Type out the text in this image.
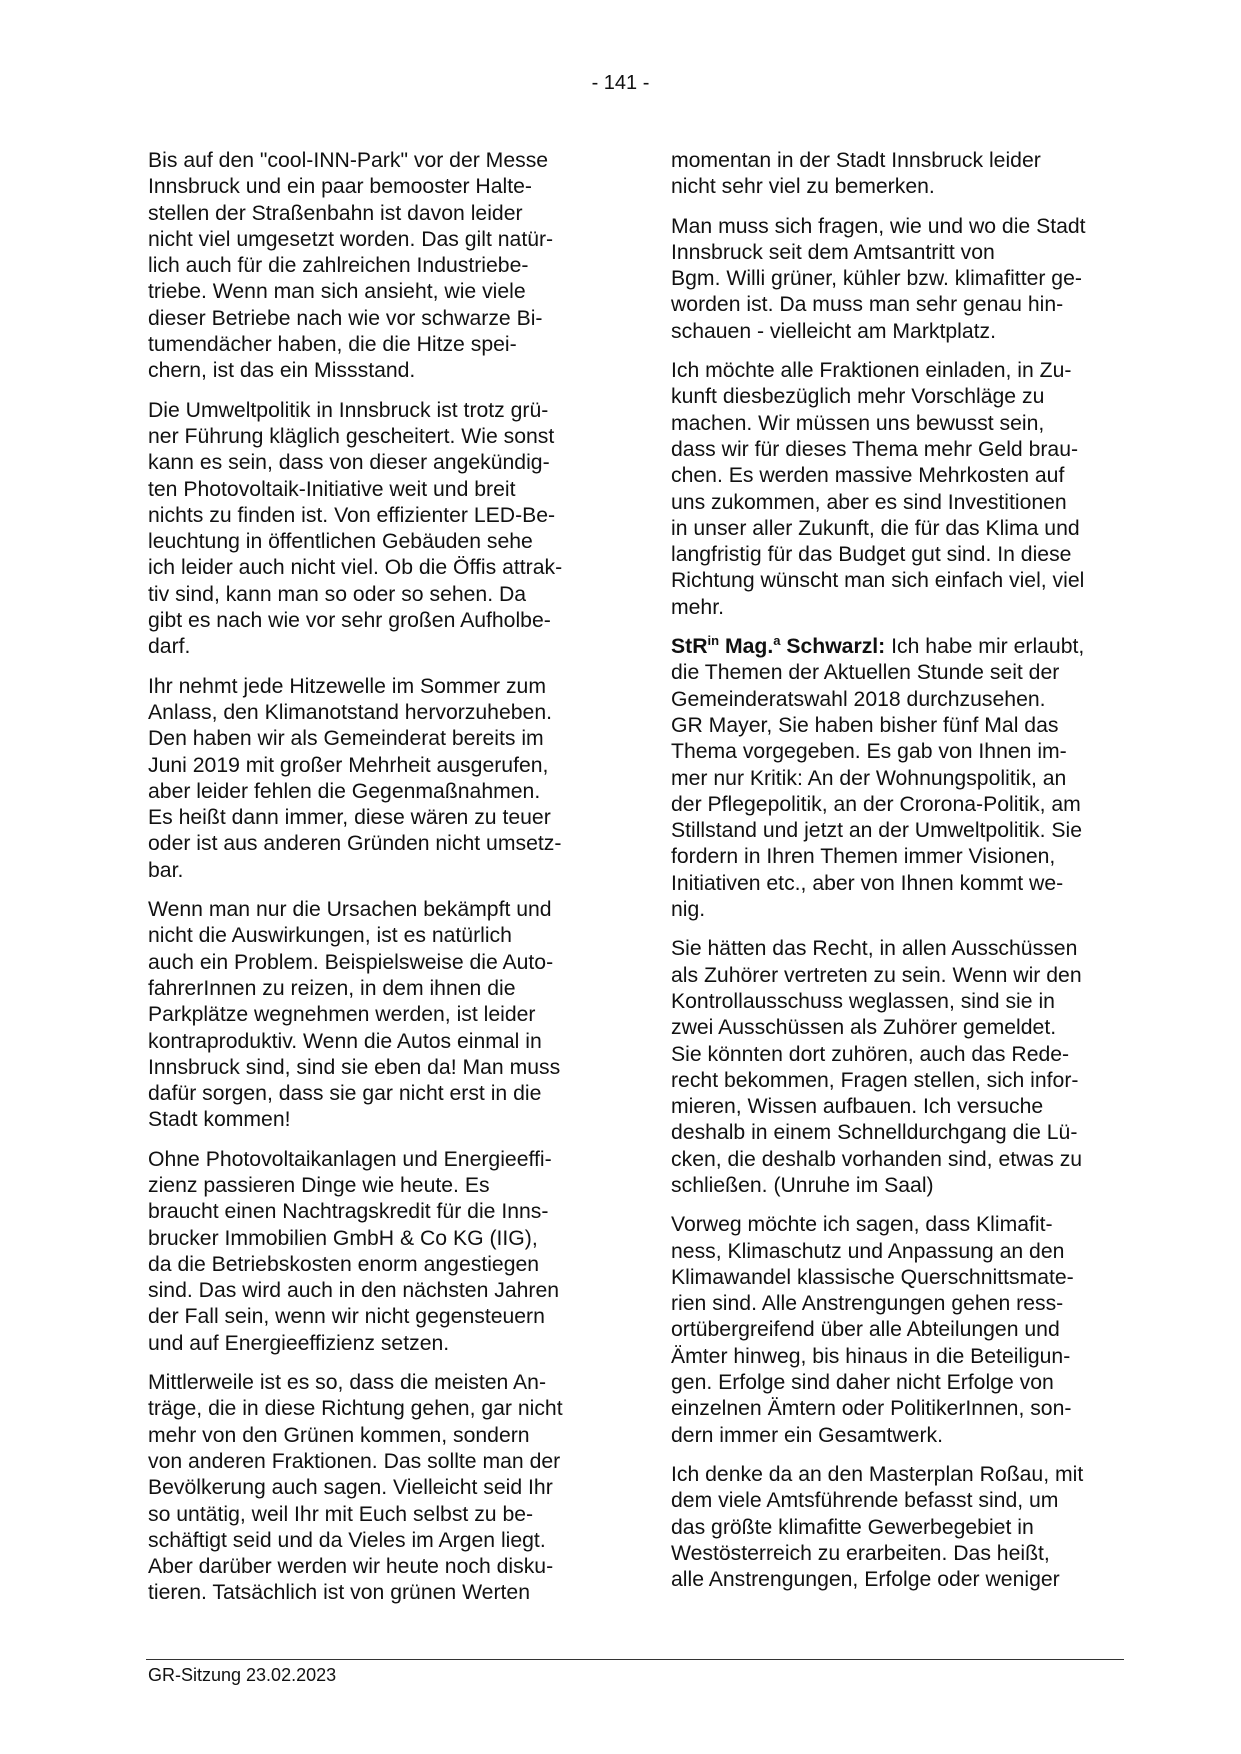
- 141 -

Bis auf den "cool-INN-Park" vor der Messe
Innsbruck und ein paar bemooster Halte-
stellen der Straßenbahn ist davon leider
nicht viel umgesetzt worden. Das gilt natür-
lich auch für die zahlreichen Industriebe-
triebe. Wenn man sich ansieht, wie viele
dieser Betriebe nach wie vor schwarze Bi-
tumendächer haben, die die Hitze spei-
chern, ist das ein Missstand.

Die Umweltpolitik in Innsbruck ist trotz grü-
ner Führung kläglich gescheitert. Wie sonst
kann es sein, dass von dieser angekündig-
ten Photovoltaik-Initiative weit und breit
nichts zu finden ist. Von effizienter LED-Be-
leuchtung in öffentlichen Gebäuden sehe
ich leider auch nicht viel. Ob die Öffis attrak-
tiv sind, kann man so oder so sehen. Da
gibt es nach wie vor sehr großen Aufholbe-
darf.

Ihr nehmt jede Hitzewelle im Sommer zum
Anlass, den Klimanotstand hervorzuheben.
Den haben wir als Gemeinderat bereits im
Juni 2019 mit großer Mehrheit ausgerufen,
aber leider fehlen die Gegenmaßnahmen.
Es heißt dann immer, diese wären zu teuer
oder ist aus anderen Gründen nicht umsetz-
bar.

Wenn man nur die Ursachen bekämpft und
nicht die Auswirkungen, ist es natürlich
auch ein Problem. Beispielsweise die Auto-
fahrerInnen zu reizen, in dem ihnen die
Parkplätze wegnehmen werden, ist leider
kontraproduktiv. Wenn die Autos einmal in
Innsbruck sind, sind sie eben da! Man muss
dafür sorgen, dass sie gar nicht erst in die
Stadt kommen!

Ohne Photovoltaikanlagen und Energieeffi-
zienz passieren Dinge wie heute. Es
braucht einen Nachtragskredit für die Inns-
brucker Immobilien GmbH & Co KG (IIG),
da die Betriebskosten enorm angestiegen
sind. Das wird auch in den nächsten Jahren
der Fall sein, wenn wir nicht gegensteuern
und auf Energieeffizienz setzen.

Mittlerweile ist es so, dass die meisten An-
träge, die in diese Richtung gehen, gar nicht
mehr von den Grünen kommen, sondern
von anderen Fraktionen. Das sollte man der
Bevölkerung auch sagen. Vielleicht seid Ihr
so untätig, weil Ihr mit Euch selbst zu be-
schäftigt seid und da Vieles im Argen liegt.
Aber darüber werden wir heute noch disku-
tieren. Tatsächlich ist von grünen Werten

momentan in der Stadt Innsbruck leider
nicht sehr viel zu bemerken.

Man muss sich fragen, wie und wo die Stadt
Innsbruck seit dem Amtsantritt von
Bgm. Willi grüner, kühler bzw. klimafitter ge-
worden ist. Da muss man sehr genau hin-
schauen - vielleicht am Marktplatz.

Ich möchte alle Fraktionen einladen, in Zu-
kunft diesbezüglich mehr Vorschläge zu
machen. Wir müssen uns bewusst sein,
dass wir für dieses Thema mehr Geld brau-
chen. Es werden massive Mehrkosten auf
uns zukommen, aber es sind Investitionen
in unser aller Zukunft, die für das Klima und
langfristig für das Budget gut sind. In diese
Richtung wünscht man sich einfach viel, viel
mehr.

StR$^{in}$ Mag.$^a$ Schwarzl: Ich habe mir erlaubt,
die Themen der Aktuellen Stunde seit der
Gemeinderatswahl 2018 durchzusehen.
GR Mayer, Sie haben bisher fünf Mal das
Thema vorgegeben. Es gab von Ihnen im-
mer nur Kritik: An der Wohnungspolitik, an
der Pflegepolitik, an der Crorona-Politik, am
Stillstand und jetzt an der Umweltpolitik. Sie
fordern in Ihren Themen immer Visionen,
Initiativen etc., aber von Ihnen kommt we-
nig.

Sie hätten das Recht, in allen Ausschüssen
als Zuhörer vertreten zu sein. Wenn wir den
Kontrollausschuss weglassen, sind sie in
zwei Ausschüssen als Zuhörer gemeldet.
Sie könnten dort zuhören, auch das Rede-
recht bekommen, Fragen stellen, sich infor-
mieren, Wissen aufbauen. Ich versuche
deshalb in einem Schnelldurchgang die Lü-
cken, die deshalb vorhanden sind, etwas zu
schließen. (Unruhe im Saal)

Vorweg möchte ich sagen, dass Klimafit-
ness, Klimaschutz und Anpassung an den
Klimawandel klassische Querschnittsmate-
rien sind. Alle Anstrengungen gehen ress-
ortübergreifend über alle Abteilungen und
Ämter hinweg, bis hinaus in die Beteiligun-
gen. Erfolge sind daher nicht Erfolge von
einzelnen Ämtern oder PolitikerInnen, son-
dern immer ein Gesamtwerk.

Ich denke da an den Masterplan Roßau, mit
dem viele Amtsführende befasst sind, um
das größte klimafitte Gewerbegebiet in
Westösterreich zu erarbeiten. Das heißt,
alle Anstrengungen, Erfolge oder weniger

GR-Sitzung 23.02.2023
